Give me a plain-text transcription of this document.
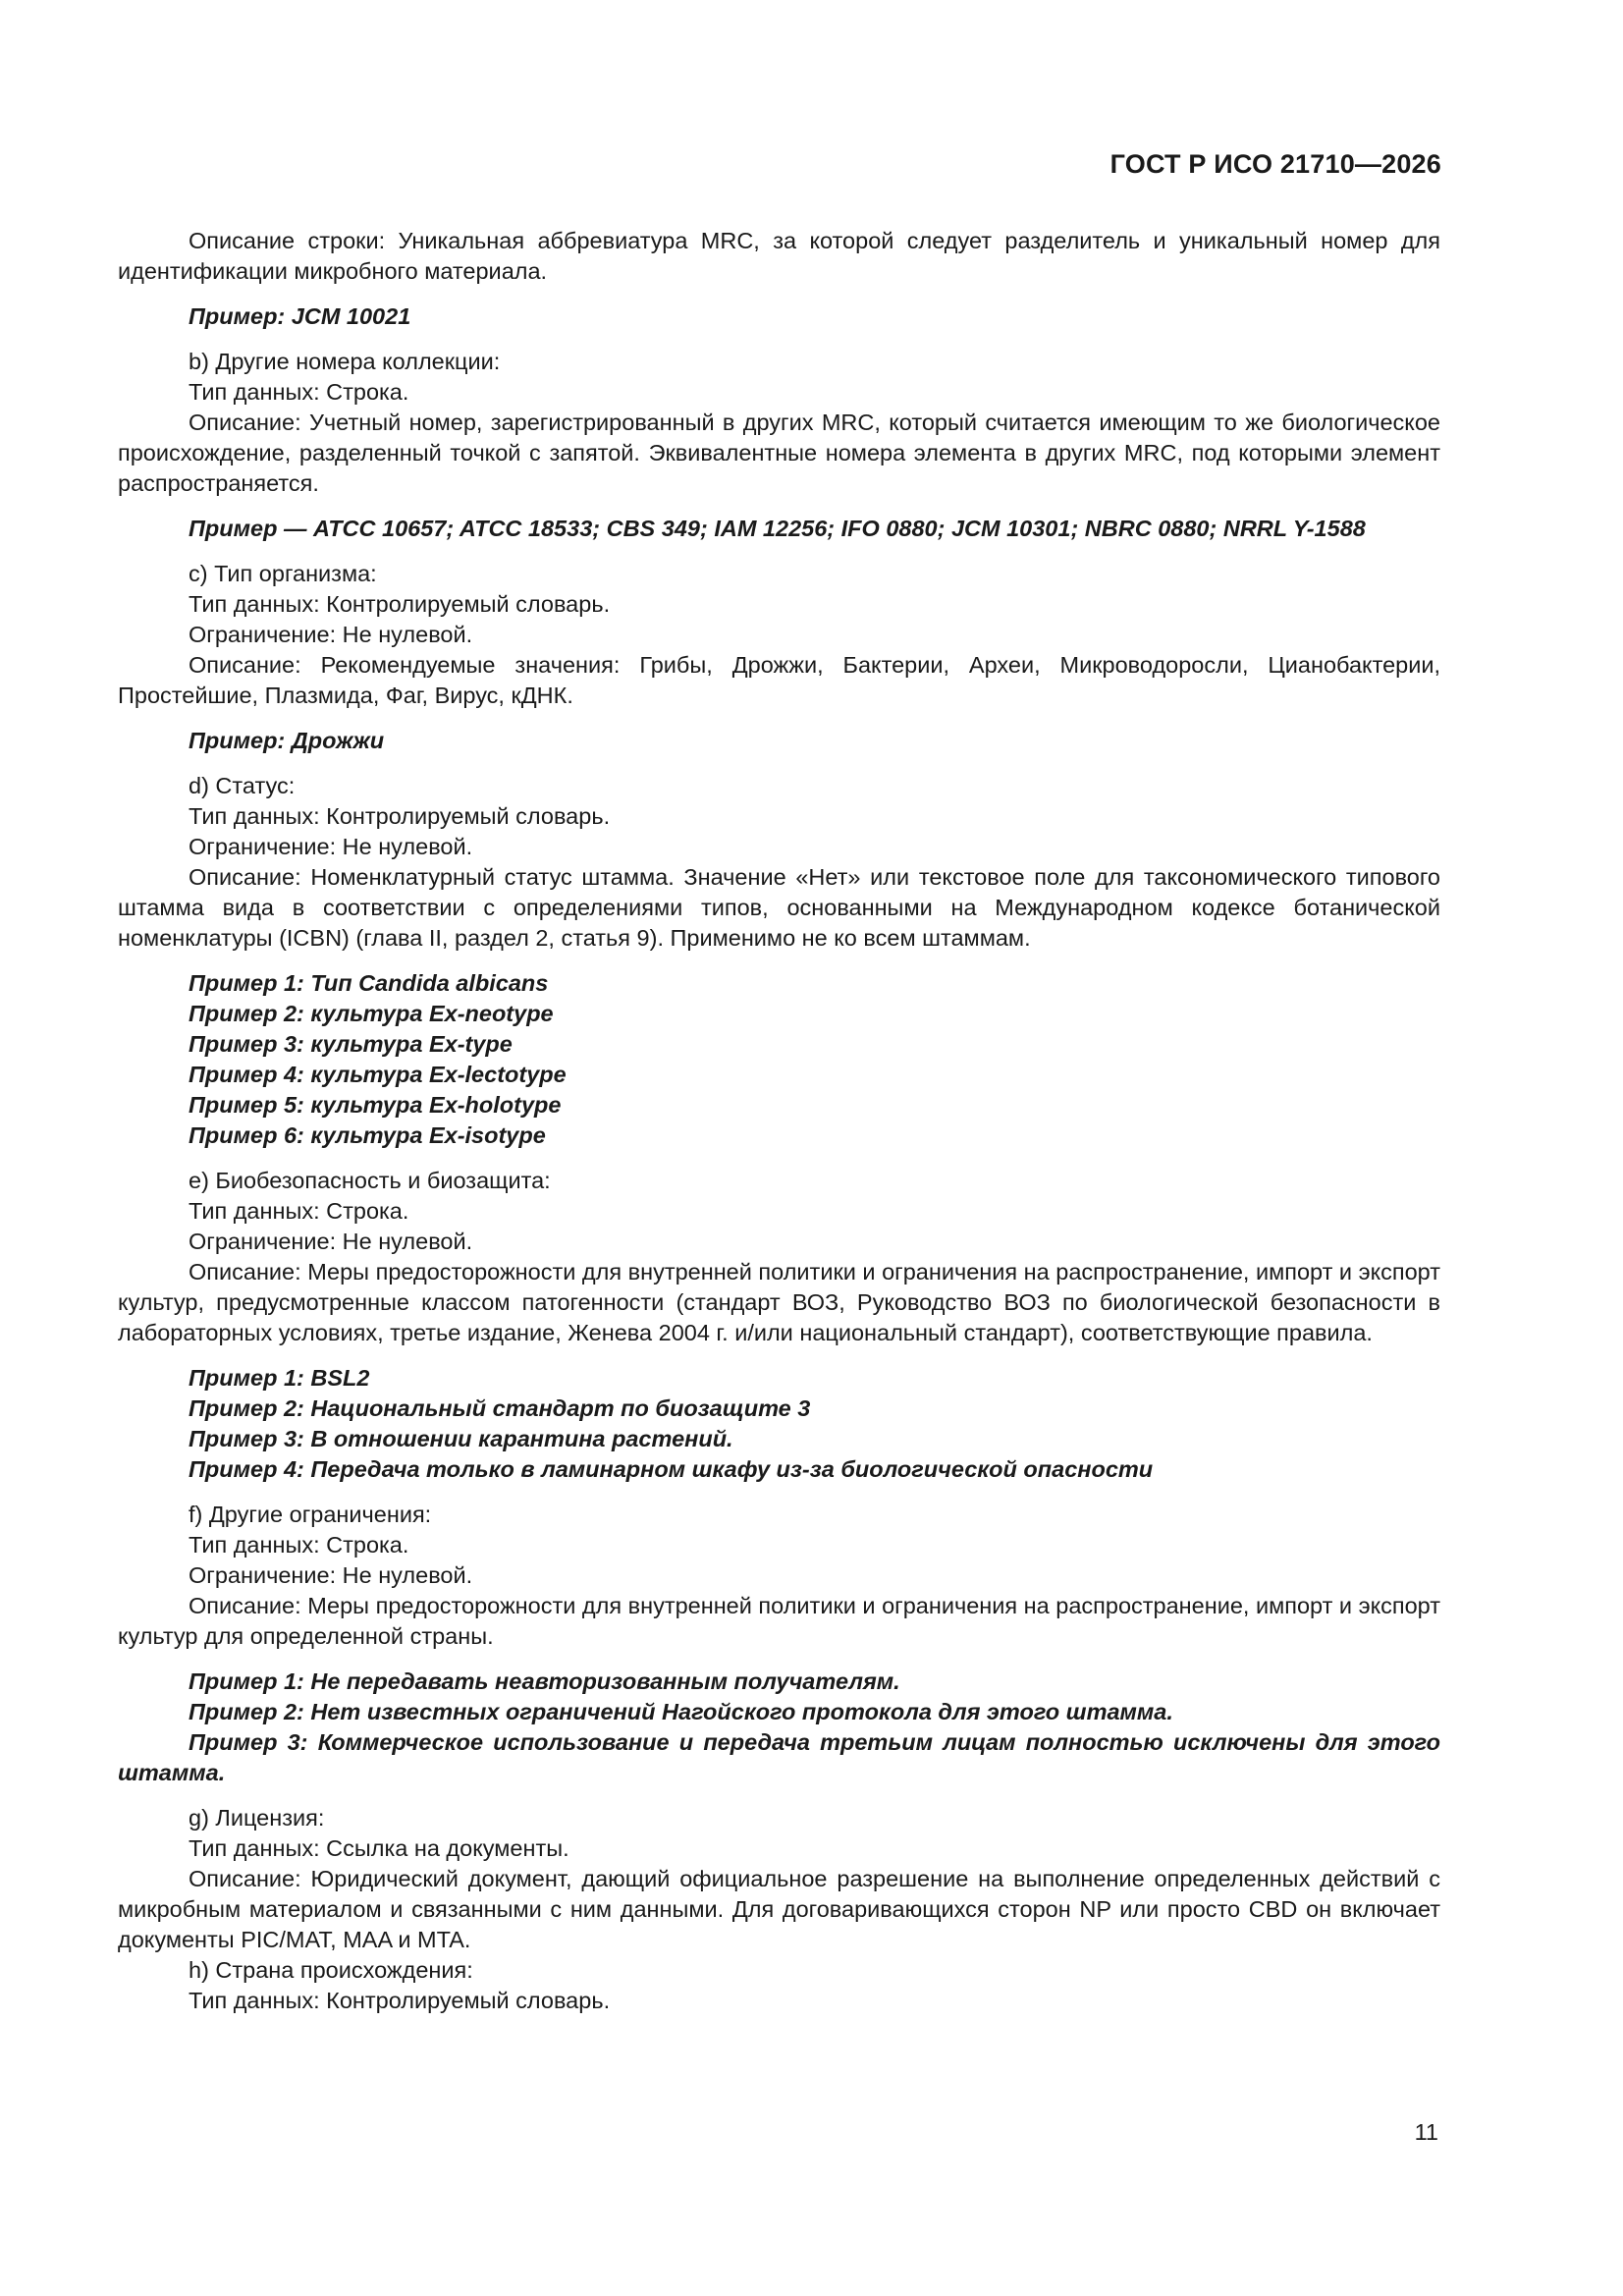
ГОСТ Р ИСО 21710—2026

Описание строки: Уникальная аббревиатура MRC, за которой следует разделитель и уникальный номер для идентификации микробного материала.

Пример: JCM 10021

b) Другие номера коллекции:

Тип данных: Строка.

Описание: Учетный номер, зарегистрированный в других MRC, который считается имеющим то же биологическое происхождение, разделенный точкой с запятой. Эквивалентные номера элемента в других MRC, под которыми элемент распространяется.

Пример — ATCC 10657; ATCC 18533; CBS 349; IAM 12256; IFO 0880; JCM 10301; NBRC 0880; NRRL Y-1588

c) Тип организма:

Тип данных: Контролируемый словарь.

Ограничение: Не нулевой.

Описание: Рекомендуемые значения: Грибы, Дрожжи, Бактерии, Археи, Микроводоросли, Цианобактерии, Простейшие, Плазмида, Фаг, Вирус, кДНК.

Пример: Дрожжи

d) Статус:

Тип данных: Контролируемый словарь.

Ограничение: Не нулевой.

Описание: Номенклатурный статус штамма. Значение «Нет» или текстовое поле для таксономического типового штамма вида в соответствии с определениями типов, основанными на Международном кодексе ботанической номенклатуры (ICBN) (глава II, раздел 2, статья 9). Применимо не ко всем штаммам.

Пример 1: Тип Candida albicans

Пример 2: культура Ex-neotype

Пример 3: культура Ex-type

Пример 4: культура Ex-lectotype

Пример 5: культура Ex-holotype

Пример 6: культура Ex-isotype

e) Биобезопасность и биозащита:

Тип данных: Строка.

Ограничение: Не нулевой.

Описание: Меры предосторожности для внутренней политики и ограничения на распространение, импорт и экспорт культур, предусмотренные классом патогенности (стандарт ВОЗ, Руководство ВОЗ по биологической безопасности в лабораторных условиях, третье издание, Женева 2004 г. и/или национальный стандарт), соответствующие правила.

Пример 1: BSL2

Пример 2: Национальный стандарт по биозащите 3

Пример 3: В отношении карантина растений.

Пример 4: Передача только в ламинарном шкафу из-за биологической опасности

f) Другие ограничения:

Тип данных: Строка.

Ограничение: Не нулевой.

Описание: Меры предосторожности для внутренней политики и ограничения на распространение, импорт и экспорт культур для определенной страны.

Пример 1: Не передавать неавторизованным получателям.

Пример 2: Нет известных ограничений Нагойского протокола для этого штамма.

Пример 3: Коммерческое использование и передача третьим лицам полностью исключены для этого штамма.

g) Лицензия:

Тип данных: Ссылка на документы.

Описание: Юридический документ, дающий официальное разрешение на выполнение определенных действий с микробным материалом и связанными с ним данными. Для договаривающихся сторон NP или просто CBD он включает документы PIC/MAT, MAA и MTA.

h) Страна происхождения:

Тип данных: Контролируемый словарь.

11
